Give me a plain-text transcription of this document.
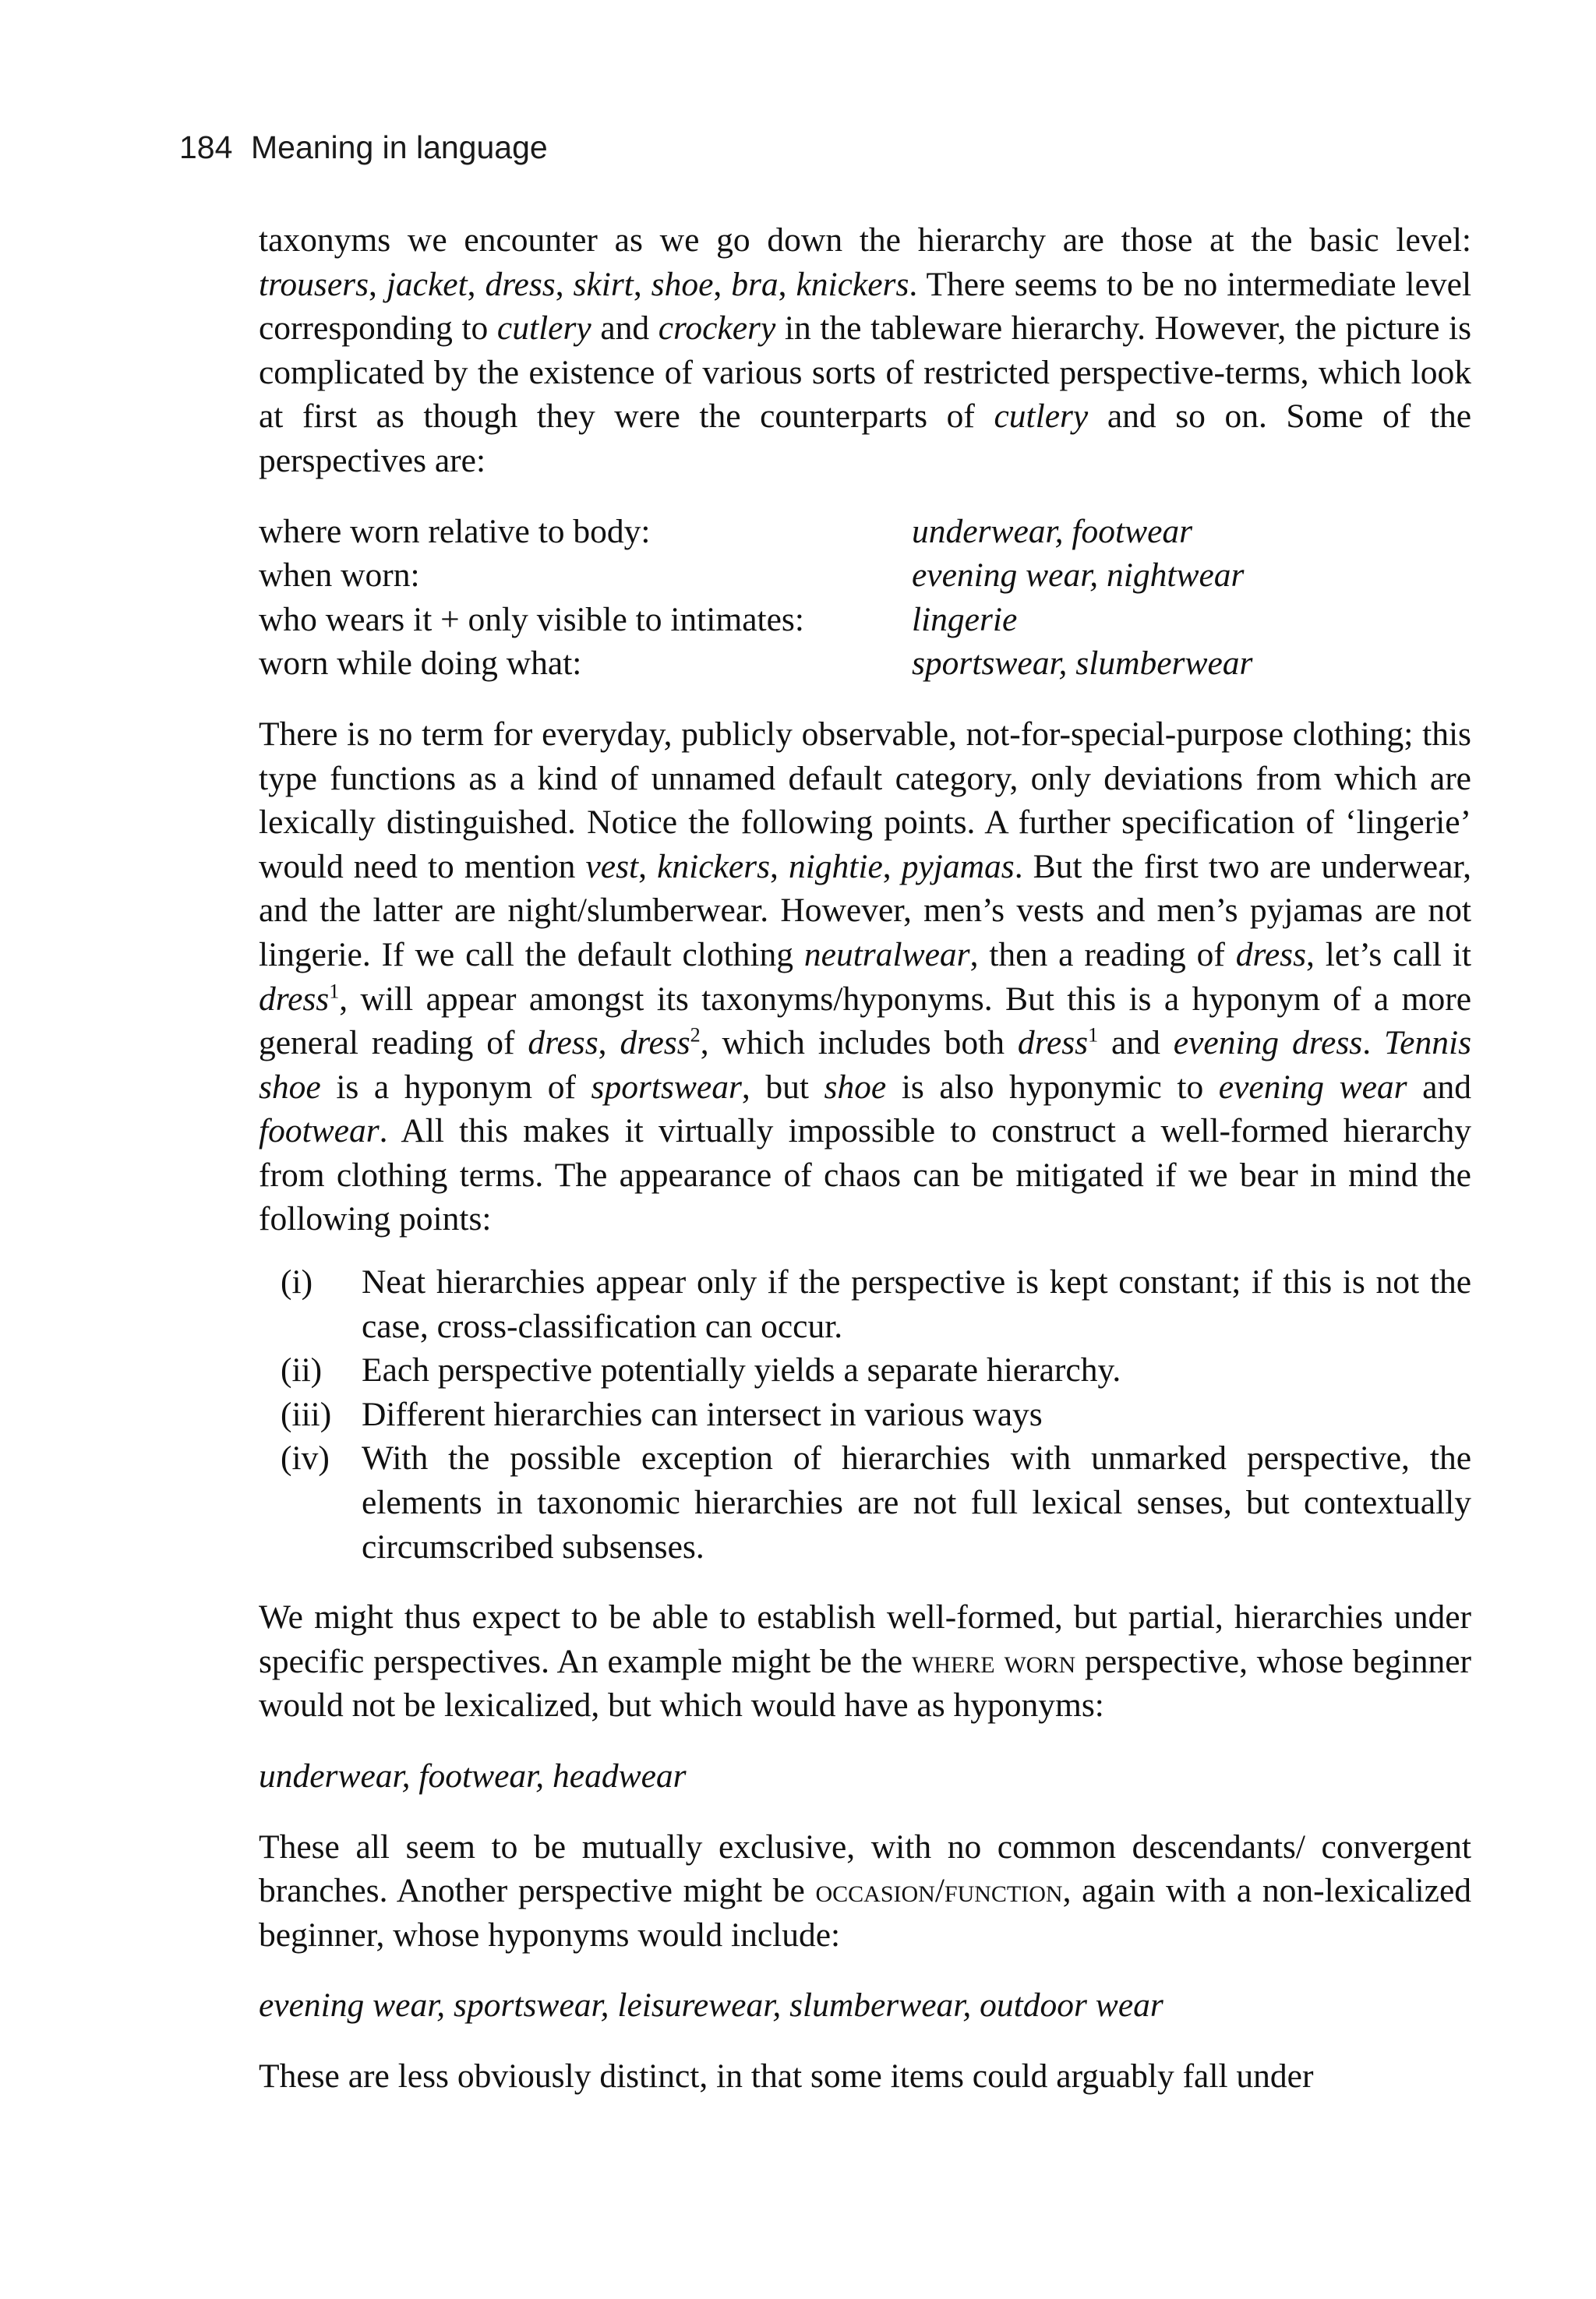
184 Meaning in language

taxonyms we encounter as we go down the hierarchy are those at the basic level: trousers, jacket, dress, skirt, shoe, bra, knickers. There seems to be no intermediate level corresponding to cutlery and crockery in the tableware hierarchy. However, the picture is complicated by the existence of various sorts of restricted perspective-terms, which look at first as though they were the counterparts of cutlery and so on. Some of the perspectives are:

where worn relative to body:	underwear, footwear
when worn:	evening wear, nightwear
who wears it + only visible to intimates:	lingerie
worn while doing what:	sportswear, slumberwear

There is no term for everyday, publicly observable, not-for-special-purpose clothing; this type functions as a kind of unnamed default category, only deviations from which are lexically distinguished. Notice the following points. A further specification of ‘lingerie’ would need to mention vest, knickers, nightie, pyjamas. But the first two are underwear, and the latter are night/slumberwear. However, men’s vests and men’s pyjamas are not lingerie. If we call the default clothing neutralwear, then a reading of dress, let’s call it dress$^1$, will appear amongst its taxonyms/hyponyms. But this is a hyponym of a more general reading of dress, dress$^2$, which includes both dress$^1$ and evening dress. Tennis shoe is a hyponym of sportswear, but shoe is also hyponymic to evening wear and footwear. All this makes it virtually impossible to construct a well-formed hierarchy from clothing terms. The appearance of chaos can be mitigated if we bear in mind the following points:

(i)	Neat hierarchies appear only if the perspective is kept constant; if this is not the case, cross-classification can occur.
(ii)	Each perspective potentially yields a separate hierarchy.
(iii) Different hierarchies can intersect in various ways
(iv) With the possible exception of hierarchies with unmarked perspective, the elements in taxonomic hierarchies are not full lexical senses, but contextually circumscribed subsenses.

We might thus expect to be able to establish well-formed, but partial, hierarchies under specific perspectives. An example might be the where worn perspective, whose beginner would not be lexicalized, but which would have as hyponyms:

underwear, footwear, headwear

These all seem to be mutually exclusive, with no common descendants/ convergent branches. Another perspective might be occasion/function, again with a non-lexicalized beginner, whose hyponyms would include:

evening wear, sportswear, leisurewear, slumberwear, outdoor wear

These are less obviously distinct, in that some items could arguably fall under
